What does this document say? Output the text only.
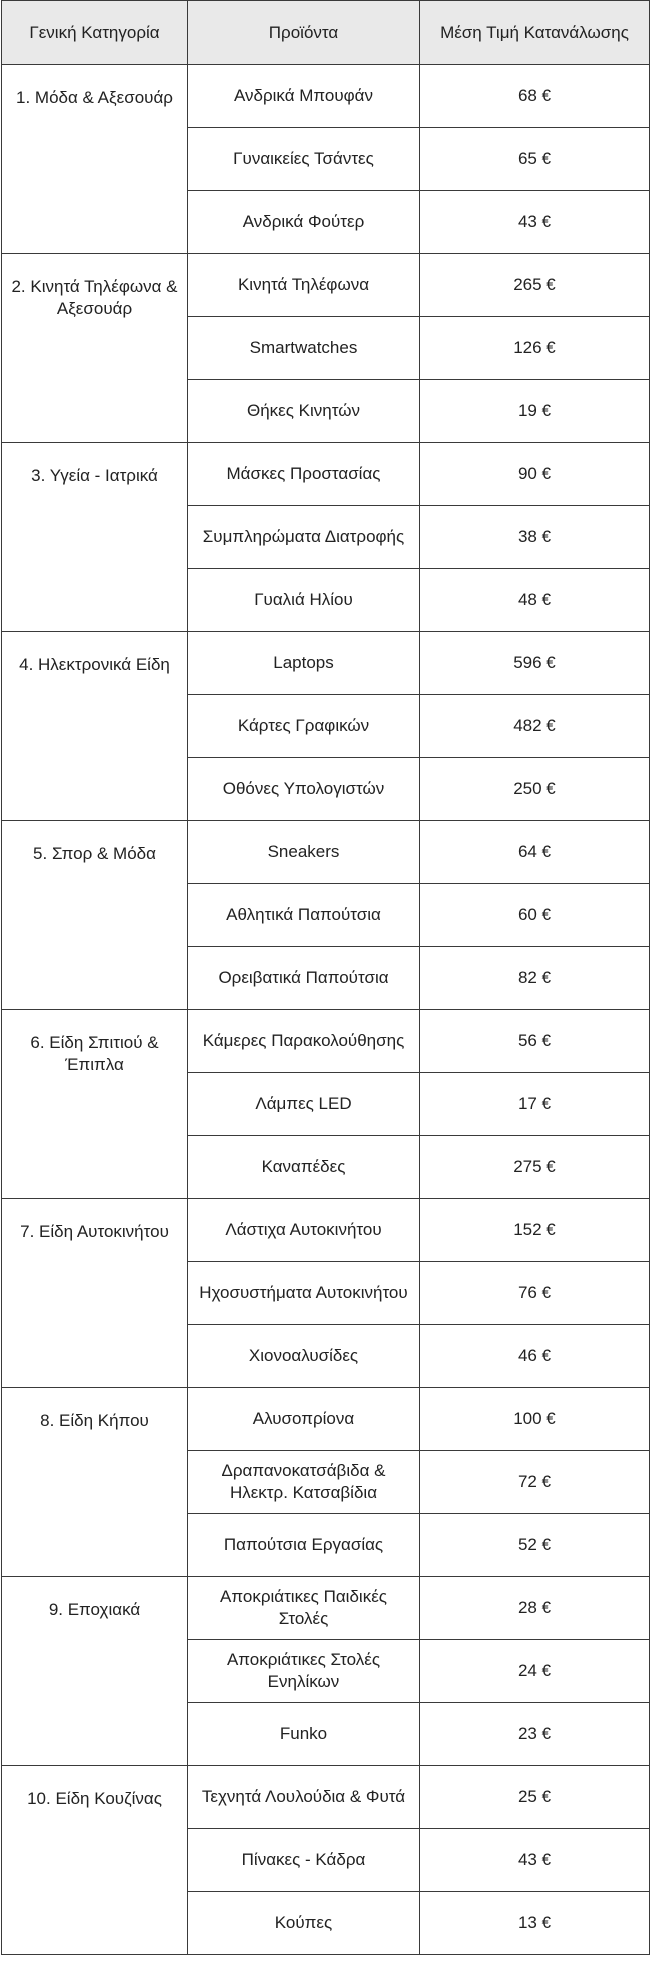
Γενική Κατηγορία	Προϊόντα	Μέση Τιμή Κατανάλωσης
1. Μόδα & Αξεσουάρ	Ανδρικά Μπουφάν	68 €
	Γυναικείες Τσάντες	65 €
	Ανδρικά Φούτερ	43 €
2. Κινητά Τηλέφωνα & Αξεσουάρ	Κινητά Τηλέφωνα	265 €
	Smartwatches	126 €
	Θήκες Κινητών	19 €
3. Υγεία - Ιατρικά	Μάσκες Προστασίας	90 €
	Συμπληρώματα Διατροφής	38 €
	Γυαλιά Ηλίου	48 €
4. Ηλεκτρονικά Είδη	Laptops	596 €
	Κάρτες Γραφικών	482 €
	Οθόνες Υπολογιστών	250 €
5. Σπορ & Μόδα	Sneakers	64 €
	Αθλητικά Παπούτσια	60 €
	Ορειβατικά Παπούτσια	82 €
6. Είδη Σπιτιού & Έπιπλα	Κάμερες Παρακολούθησης	56 €
	Λάμπες LED	17 €
	Καναπέδες	275 €
7. Είδη Αυτοκινήτου	Λάστιχα Αυτοκινήτου	152 €
	Ηχοσυστήματα Αυτοκινήτου	76 €
	Χιονοαλυσίδες	46 €
8. Είδη Κήπου	Αλυσοπρίονα	100 €
	Δραπανοκατσάβιδα & Ηλεκτρ. Κατσαβίδια	72 €
	Παπούτσια Εργασίας	52 €
9. Εποχιακά	Αποκριάτικες Παιδικές Στολές	28 €
	Αποκριάτικες Στολές Ενηλίκων	24 €
	Funko	23 €
10. Είδη Κουζίνας	Τεχνητά Λουλούδια & Φυτά	25 €
	Πίνακες - Κάδρα	43 €
	Κούπες	13 €
